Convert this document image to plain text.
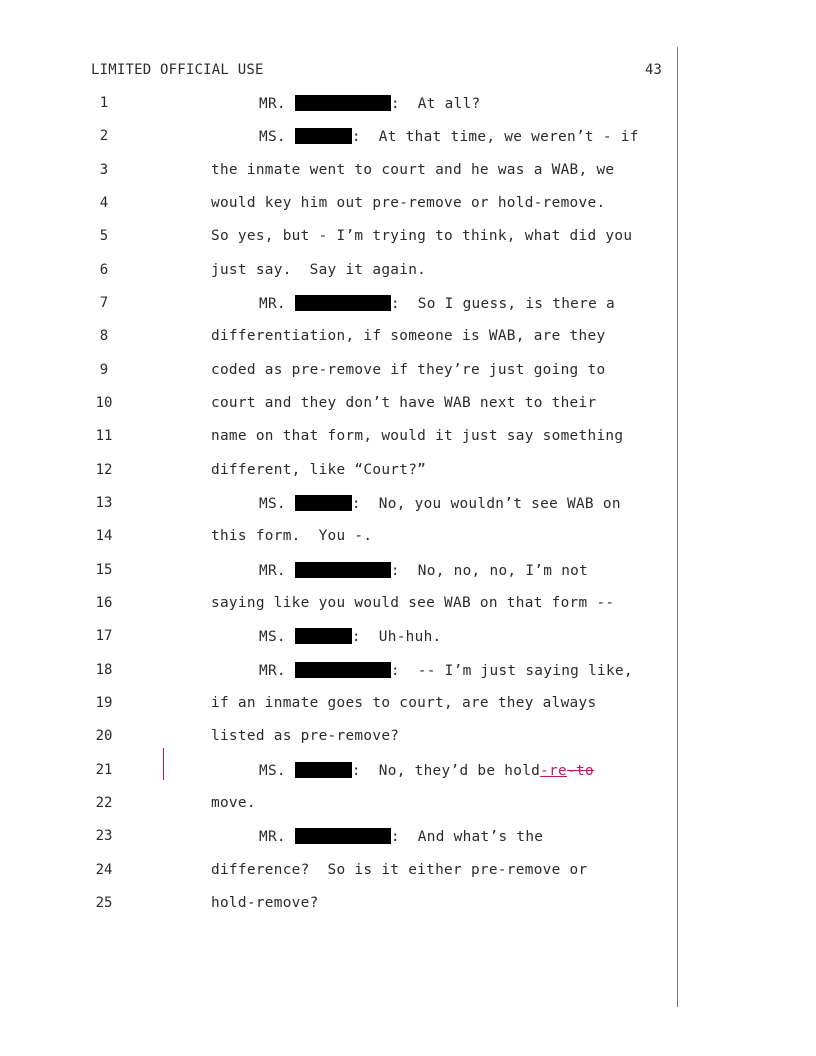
LIMITED OFFICIAL USE	43
1	MR.	:  At all?
2	MS.	:  At that time, we weren’t - if
3	the inmate went to court and he was a WAB, we
4	would key him out pre-remove or hold-remove.
5	So yes, but - I’m trying to think, what did you
6	just say.  Say it again.
7	MR.	:  So I guess, is there a
8	differentiation, if someone is WAB, are they
9	coded as pre-remove if they’re just going to
10	court and they don’t have WAB next to their
11	name on that form, would it just say something
12	different, like “Court?”
13	MS.	:  No, you wouldn’t see WAB on
14	this form.  You -.
15	MR.	:  No, no, no, I’m not
16	saying like you would see WAB on that form --
17	MS.	:  Uh-huh.
18	MR.	:  -- I’m just saying like,
19	if an inmate goes to court, are they always
20	listed as pre-remove?
21	MS.	:  No, they’d be hold-re-to
22	move.
23	MR.	:  And what’s the
24	difference?  So is it either pre-remove or
25	hold-remove?
